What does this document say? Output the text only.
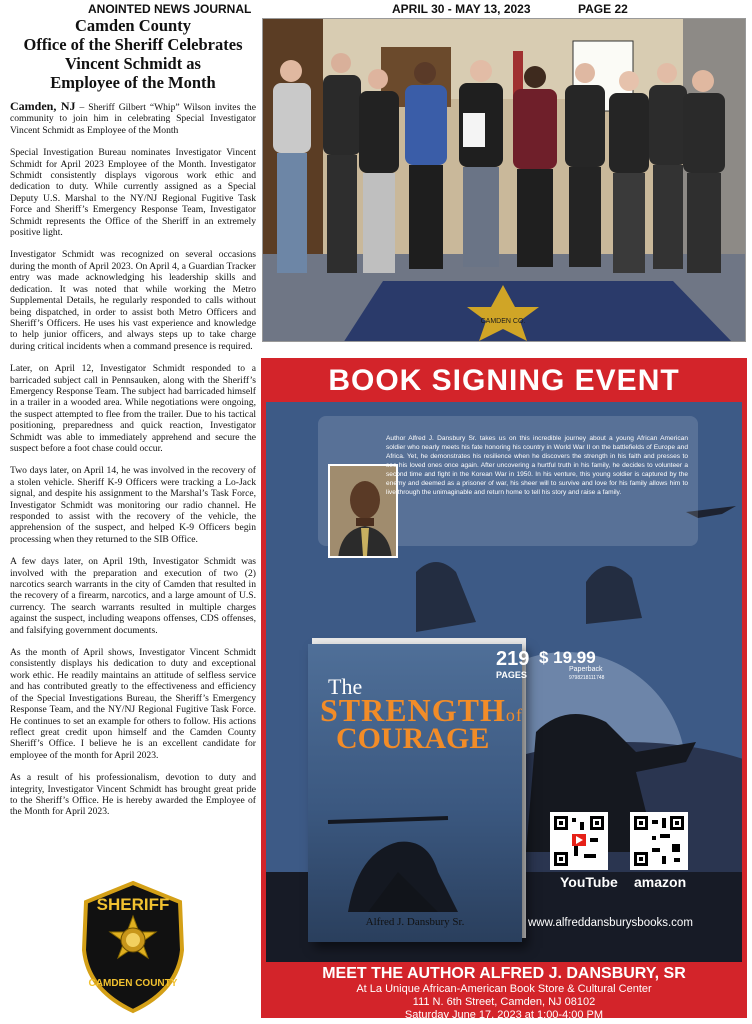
ANOINTED NEWS JOURNAL	APRIL 30 - MAY 13, 2023	PAGE 22
Camden County
Office of the Sheriff Celebrates
Vincent Schmidt as
Employee of the Month

Camden, NJ – Sheriff Gilbert “Whip” Wilson invites the community to join him in celebrating Special Investigator Vincent Schmidt as Employee of the Month

Special Investigation Bureau nominates Investigator Vincent Schmidt for April 2023 Employee of the Month. Investigator Schmidt consistently displays vigorous work ethic and dedication to duty. While currently assigned as a Special Deputy U.S. Marshal to the NY/NJ Regional Fugitive Task Force and Sheriff’s Emergency Response Team, Investigator Schmidt represents the Office of the Sheriff in an extremely positive light.

Investigator Schmidt was recognized on several occasions during the month of April 2023. On April 4, a Guardian Tracker entry was made acknowledging his leadership skills and dedication. It was noted that while working the Metro Supplemental Details, he regularly responded to calls without being dispatched, in order to assist both Metro Officers and Sheriff’s Officers. He uses his vast experience and knowledge to help junior officers, and always steps up to take charge during critical incidents when a command presence is required.

Later, on April 12, Investigator Schmidt responded to a barricaded subject call in Pennsauken, along with the Sheriff’s Emergency Response Team. The subject had barricaded himself in a trailer in a wooded area. While negotiations were ongoing, the suspect attempted to flee from the trailer. Due to his tactical positioning, preparedness and quick reaction, Investigator Schmidt was able to immediately apprehend and secure the suspect before a foot chase could occur.

Two days later, on April 14, he was involved in the recovery of a stolen vehicle. Sheriff K-9 Officers were tracking a Lo-Jack signal, and despite his assignment to the Marshal’s Task Force, Investigator Schmidt was monitoring our radio channel. He responded to assist with the recovery of the vehicle, the apprehension of the suspect, and helped K-9 Officers begin processing when they returned to the SIB Office.

A few days later, on April 19th, Investigator Schmidt was involved with the preparation and execution of two (2) narcotics search warrants in the city of Camden that resulted in the recovery of a firearm, narcotics, and a large amount of U.S. currency. The search warrants resulted in multiple charges against the suspect, including weapons offenses, CDS offenses, and falsifying government documents.

As the month of April shows, Investigator Vincent Schmidt consistently displays his dedication to duty and exceptional work ethic. He readily maintains an attitude of selfless service and has contributed greatly to the effectiveness and efficiency of the Special Investigations Bureau, the Sheriff’s Emergency Response Team, and the NY/NJ Regional Fugitive Task Force. He continues to set an example for others to follow. His actions reflect great credit upon himself and the Camden County Sheriff’s Office. I believe he is an excellent candidate for employee of the month for April 2023.

As a result of his professionalism, devotion to duty and integrity, Investigator Vincent Schmidt has brought great pride to the Sheriff’s Office. He is hereby awarded the Employee of the Month for April 2023.

SHERIFF
CAMDEN COUNTY
CAMDEN CO.
BOOK SIGNING EVENT
Author Alfred J. Dansbury Sr. takes us on this incredible journey about a young African American soldier who nearly meets his fate honoring his country in World War II on the battlefields of Europe and Africa. Yet, he demonstrates his resilience when he discovers the strength in his faith and presses to see his loved ones once again. After uncovering a hurtful truth in his family, he decides to volunteer a second time and fight in the Korean War in 1950. In his venture, this young soldier is captured by the enemy and deemed as a prisoner of war, his sheer will to survive and love for his family allows him to live through the unimaginable and return home to tell his story and raise a family.
The
STRENGTHof
COURAGE
Alfred J. Dansbury Sr.
219
PAGES
$ 19.99
Paperback
9798218111748
YouTube amazon
www.alfreddansburysbooks.com
MEET THE AUTHOR ALFRED J. DANSBURY, SR
At La Unique African-American Book Store & Cultural Center
111 N. 6th Street, Camden, NJ 08102
Saturday June 17, 2023 at 1:00-4:00 PM
